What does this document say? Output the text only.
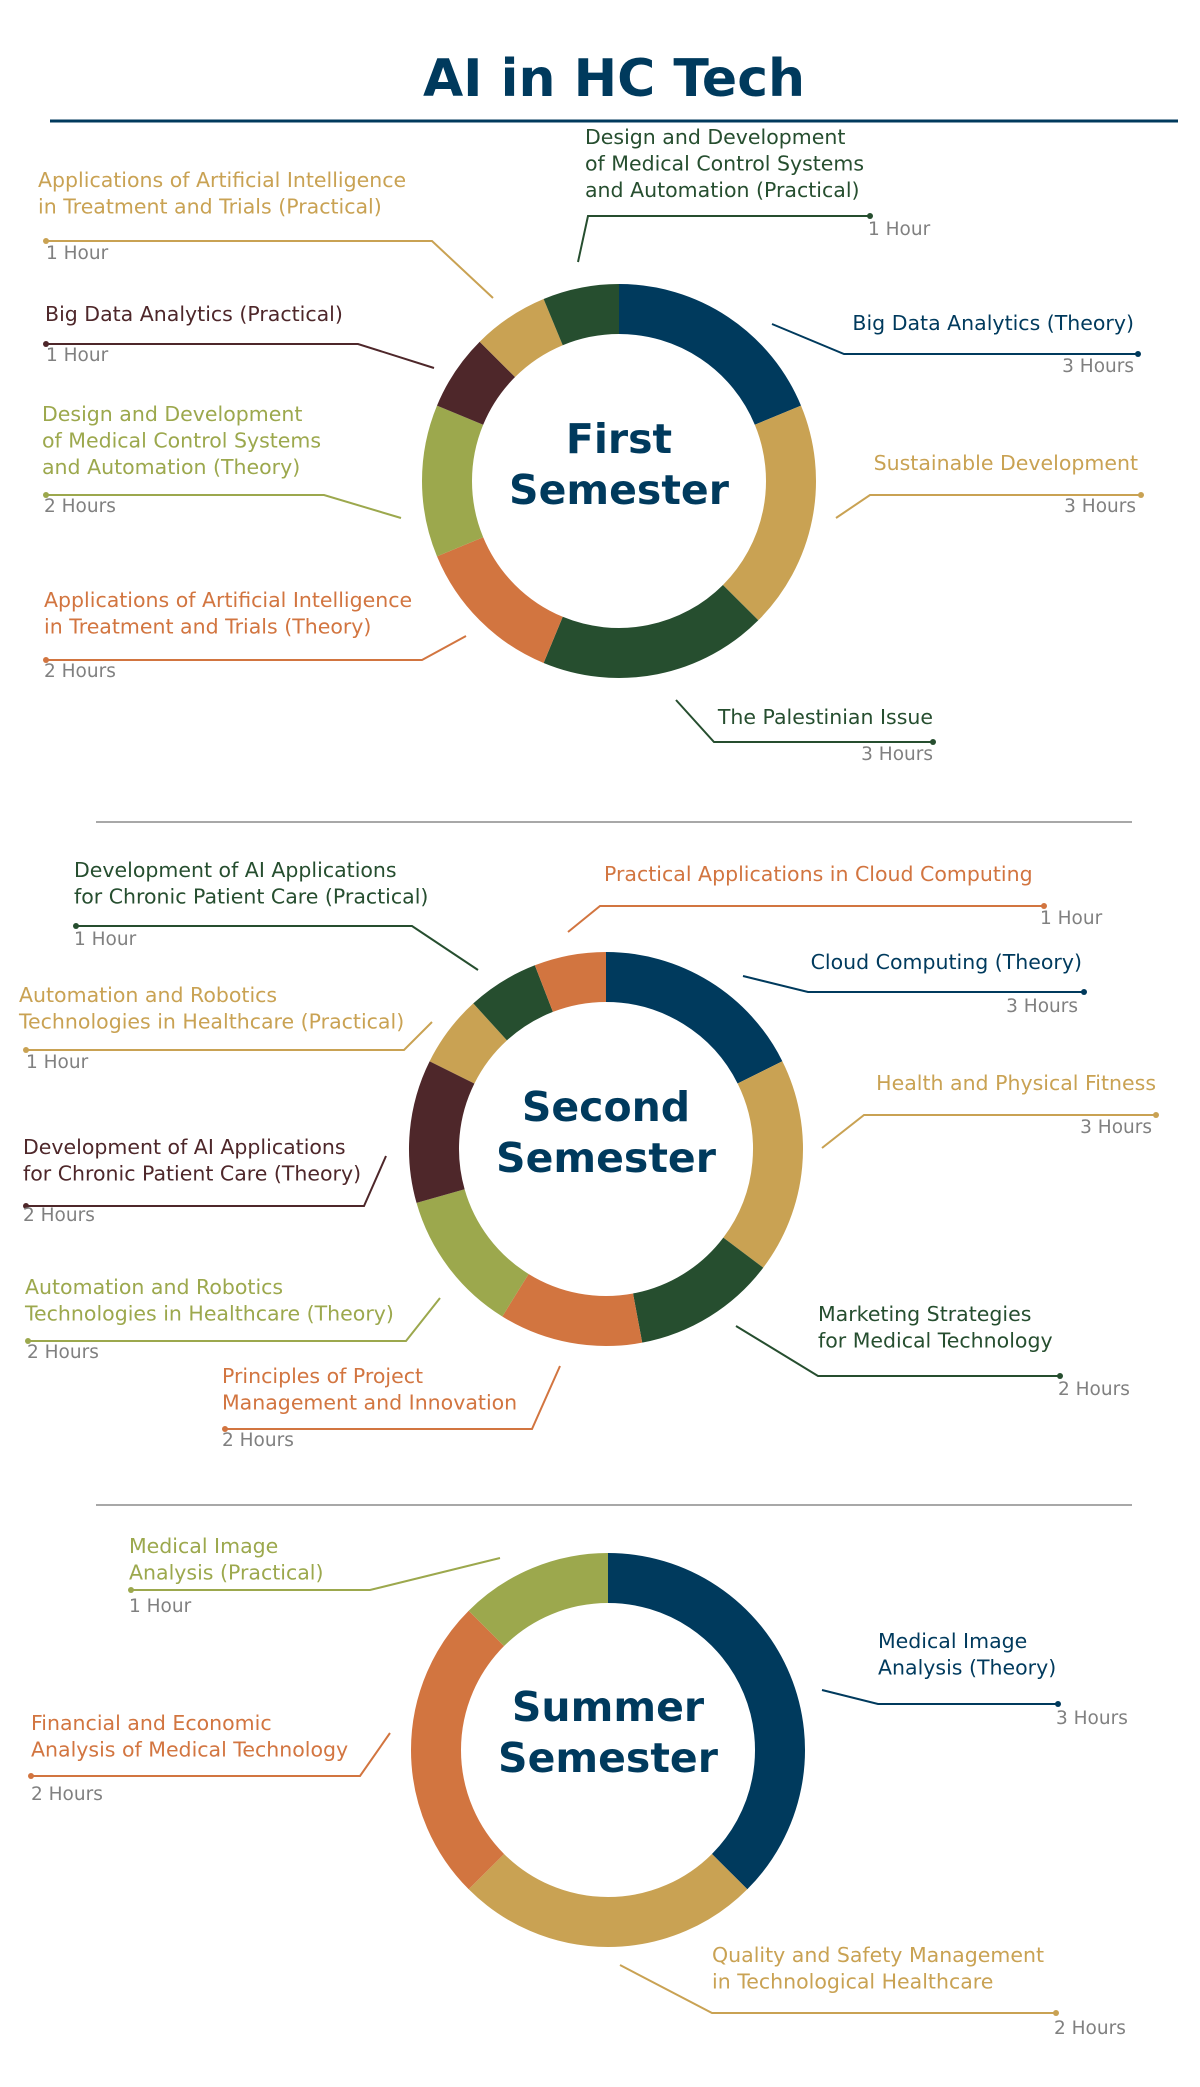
AI in HC Tech
Big Data Analytics (Theory)
3 Hours
Sustainable Development
3 Hours
The Palestinian Issue
3 Hours
Applications of Artificial Intelligence in Treatment and Trials (Theory)
2 Hours
Design and Development of Medical Control Systems and Automation (Theory)
2 Hours
Big Data Analytics (Practical)
1 Hour
Applications of Artificial Intelligence in Treatment and Trials (Practical)
1 Hour
Design and Development of Medical Control Systems and Automation (Practical)
1 Hour
First
Semester
Cloud Computing (Theory)
3 Hours
Health and Physical Fitness
3 Hours
Marketing Strategies for Medical Technology
2 Hours
Principles of Project Management and Innovation
2 Hours
Automation and Robotics Technologies in Healthcare (Theory)
2 Hours
Development of AI Applications for Chronic Patient Care (Theory)
2 Hours
Automation and Robotics Technologies in Healthcare (Practical)
1 Hour
Development of AI Applications for Chronic Patient Care (Practical)
1 Hour
Practical Applications in Cloud Computing
1 Hour
Second
Semester
Medical Image Analysis (Theory)
3 Hours
Quality and Safety Management in Technological Healthcare
2 Hours
Financial and Economic Analysis of Medical Technology
2 Hours
Medical Image Analysis (Practical)
1 Hour
Summer
Semester
